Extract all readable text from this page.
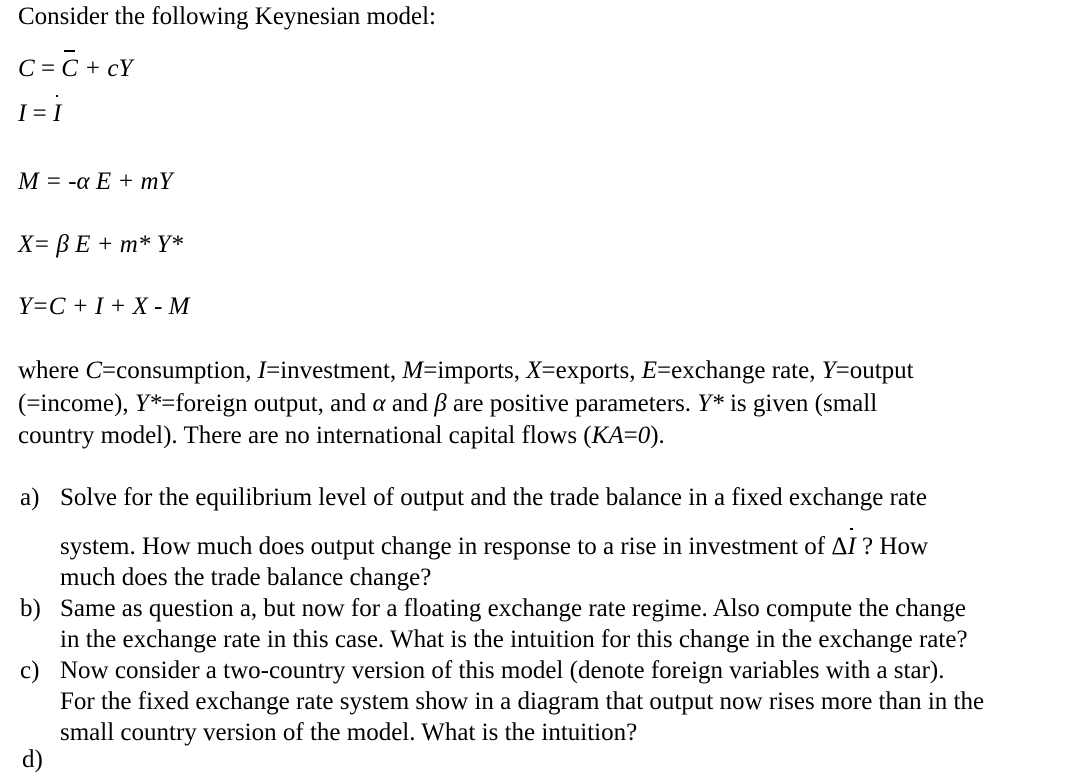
Consider the following Keynesian model:
C =
C + cY
I =
I
M = -α E + mY
X= β E + m* Y*
Y=C + I + X - M
where C=consumption, I=investment, M=imports, X=exports, E=exchange rate, Y=output
(=income), Y*=foreign output, and α and β are positive parameters. Y* is given (small
country model). There are no international capital flows (KA=0).
a) Solve for the equilibrium level of output and the trade balance in a fixed exchange rate
system. How much does output change in response to a rise in investment of Δ
I ? How
much does the trade balance change?
b) Same as question a, but now for a floating exchange rate regime. Also compute the change
in the exchange rate in this case. What is the intuition for this change in the exchange rate?
c) Now consider a two-country version of this model (denote foreign variables with a star).
For the fixed exchange rate system show in a diagram that output now rises more than in the
small country version of the model. What is the intuition?
d)
